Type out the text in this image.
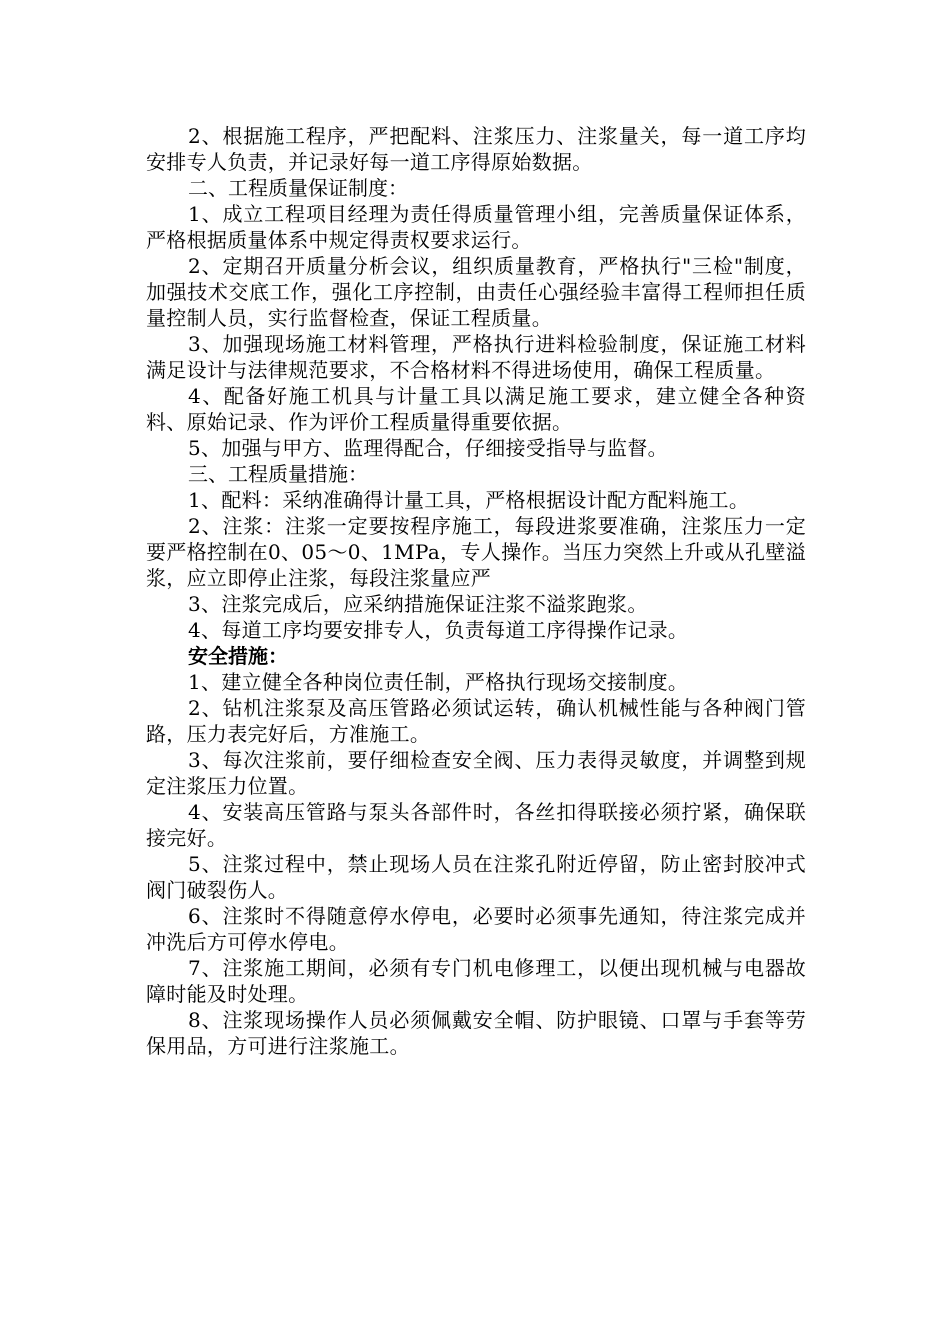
2、根据施工程序，严把配料、注浆压力、注浆量关，每一道工序均安排专人负责，并记录好每一道工序得原始数据。

二、工程质量保证制度：

1、成立工程项目经理为责任得质量管理小组，完善质量保证体系，严格根据质量体系中规定得责权要求运行。

2、定期召开质量分析会议，组织质量教育，严格执行"三检"制度，加强技术交底工作，强化工序控制，由责任心强经验丰富得工程师担任质量控制人员，实行监督检查，保证工程质量。

3、加强现场施工材料管理，严格执行进料检验制度，保证施工材料满足设计与法律规范要求，不合格材料不得进场使用，确保工程质量。

4、配备好施工机具与计量工具以满足施工要求，建立健全各种资料、原始记录、作为评价工程质量得重要依据。

5、加强与甲方、监理得配合，仔细接受指导与监督。

三、工程质量措施：

1、配料：采纳准确得计量工具，严格根据设计配方配料施工。

2、注浆：注浆一定要按程序施工，每段进浆要准确，注浆压力一定要严格控制在0、05～0、1MPa，专人操作。当压力突然上升或从孔壁溢浆，应立即停止注浆，每段注浆量应严

3、注浆完成后，应采纳措施保证注浆不溢浆跑浆。

4、每道工序均要安排专人，负责每道工序得操作记录。

安全措施：

1、建立健全各种岗位责任制，严格执行现场交接制度。

2、钻机注浆泵及高压管路必须试运转，确认机械性能与各种阀门管路，压力表完好后，方准施工。

3、每次注浆前，要仔细检查安全阀、压力表得灵敏度，并调整到规定注浆压力位置。

4、安装高压管路与泵头各部件时，各丝扣得联接必须拧紧，确保联接完好。

5、注浆过程中，禁止现场人员在注浆孔附近停留，防止密封胶冲式阀门破裂伤人。

6、注浆时不得随意停水停电，必要时必须事先通知，待注浆完成并冲洗后方可停水停电。

7、注浆施工期间，必须有专门机电修理工，以便出现机械与电器故障时能及时处理。

8、注浆现场操作人员必须佩戴安全帽、防护眼镜、口罩与手套等劳保用品，方可进行注浆施工。
